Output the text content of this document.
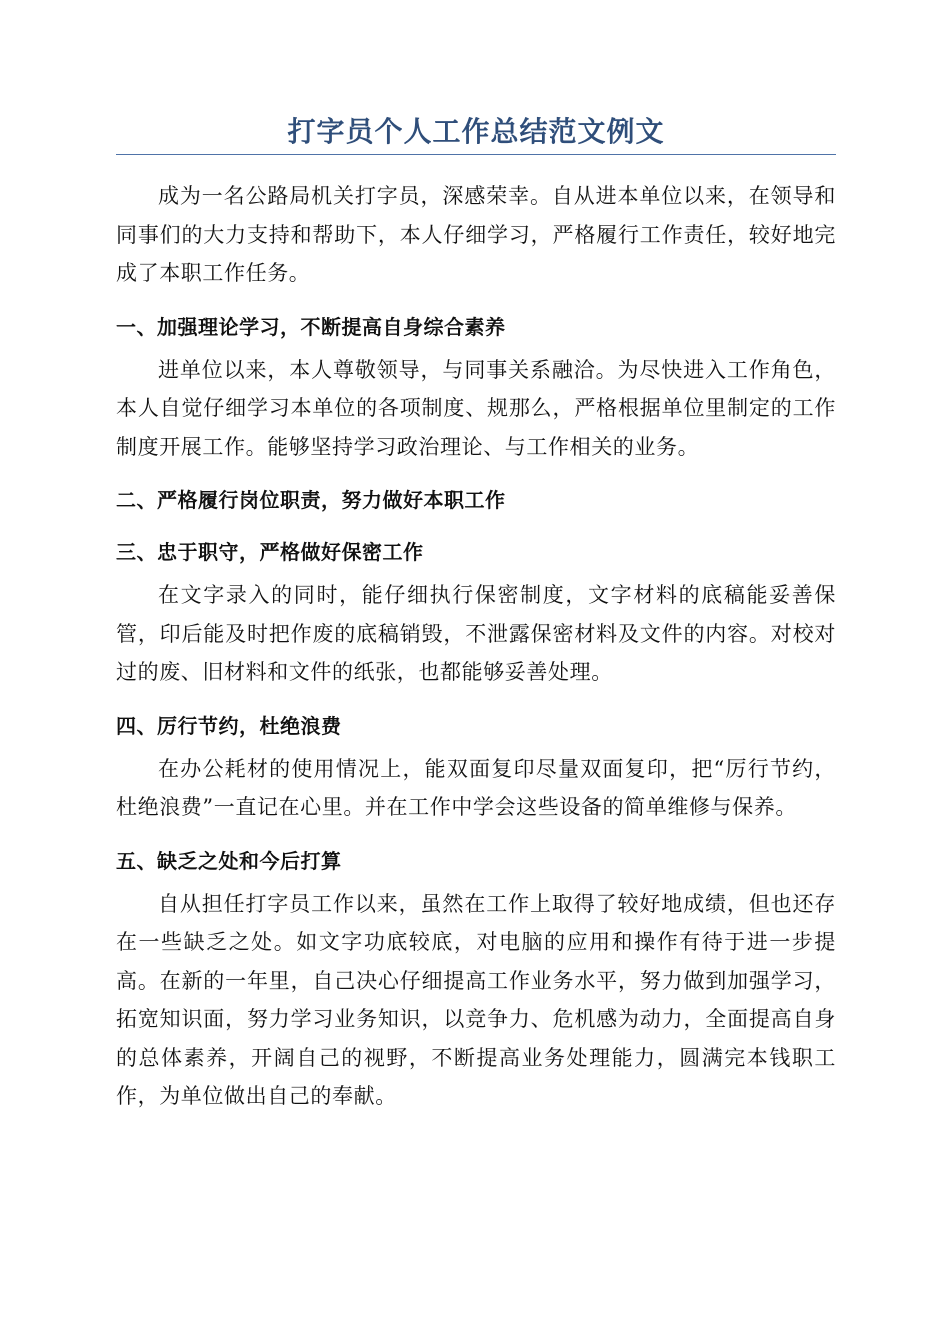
打字员个人工作总结范文例文

成为一名公路局机关打字员，深感荣幸。自从进本单位以来，在领导和同事们的大力支持和帮助下，本人仔细学习，严格履行工作责任，较好地完成了本职工作任务。

一、加强理论学习，不断提高自身综合素养

进单位以来，本人尊敬领导，与同事关系融洽。为尽快进入工作角色，本人自觉仔细学习本单位的各项制度、规那么，严格根据单位里制定的工作制度开展工作。能够坚持学习政治理论、与工作相关的业务。

二、严格履行岗位职责，努力做好本职工作
三、忠于职守，严格做好保密工作

在文字录入的同时，能仔细执行保密制度，文字材料的底稿能妥善保管，印后能及时把作废的底稿销毁，不泄露保密材料及文件的内容。对校对过的废、旧材料和文件的纸张，也都能够妥善处理。

四、厉行节约，杜绝浪费

在办公耗材的使用情况上，能双面复印尽量双面复印，把“厉行节约，杜绝浪费”一直记在心里。并在工作中学会这些设备的简单维修与保养。

五、缺乏之处和今后打算

自从担任打字员工作以来，虽然在工作上取得了较好地成绩，但也还存在一些缺乏之处。如文字功底较底，对电脑的应用和操作有待于进一步提高。在新的一年里，自己决心仔细提高工作业务水平，努力做到加强学习，拓宽知识面，努力学习业务知识，以竞争力、危机感为动力，全面提高自身的总体素养，开阔自己的视野，不断提高业务处理能力，圆满完本钱职工作，为单位做出自己的奉献。
